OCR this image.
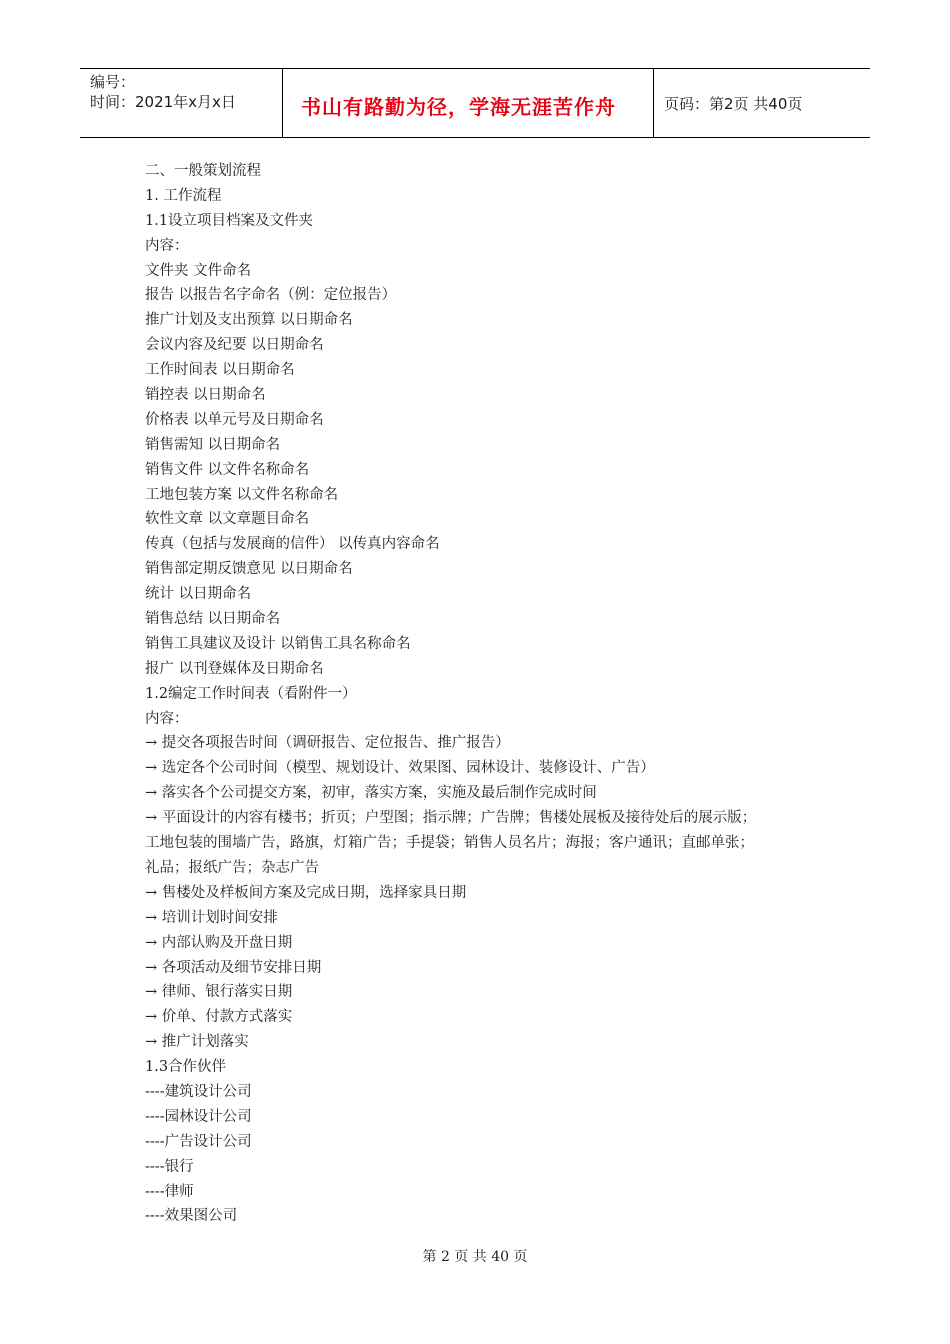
编号：
时间：2021年x月x日	书山有路勤为径，学海无涯苦作舟	页码：第2页 共40页
二、一般策划流程
1. 工作流程
1.1设立项目档案及文件夹
内容：
文件夹 文件命名
报告 以报告名字命名（例：定位报告）
推广计划及支出预算 以日期命名
会议内容及纪要 以日期命名
工作时间表 以日期命名
销控表 以日期命名
价格表 以单元号及日期命名
销售需知 以日期命名
销售文件 以文件名称命名
工地包装方案 以文件名称命名
软性文章 以文章题目命名
传真（包括与发展商的信件） 以传真内容命名
销售部定期反馈意见 以日期命名
统计 以日期命名
销售总结 以日期命名
销售工具建议及设计 以销售工具名称命名
报广 以刊登媒体及日期命名
1.2编定工作时间表（看附件一）
内容：
→ 提交各项报告时间（调研报告、定位报告、推广报告）
→ 选定各个公司时间（模型、规划设计、效果图、园林设计、装修设计、广告）
→ 落实各个公司提交方案，初审，落实方案，实施及最后制作完成时间
→ 平面设计的内容有楼书；折页；户型图；指示牌；广告牌；售楼处展板及接待处后的展示版；
工地包装的围墙广告，路旗，灯箱广告；手提袋；销售人员名片；海报；客户通讯；直邮单张；
礼品；报纸广告；杂志广告
→ 售楼处及样板间方案及完成日期，选择家具日期
→ 培训计划时间安排
→ 内部认购及开盘日期
→ 各项活动及细节安排日期
→ 律师、银行落实日期
→ 价单、付款方式落实
→ 推广计划落实
1.3合作伙伴
----建筑设计公司
----园林设计公司
----广告设计公司
----银行
----律师
----效果图公司
第 2 页 共 40 页
